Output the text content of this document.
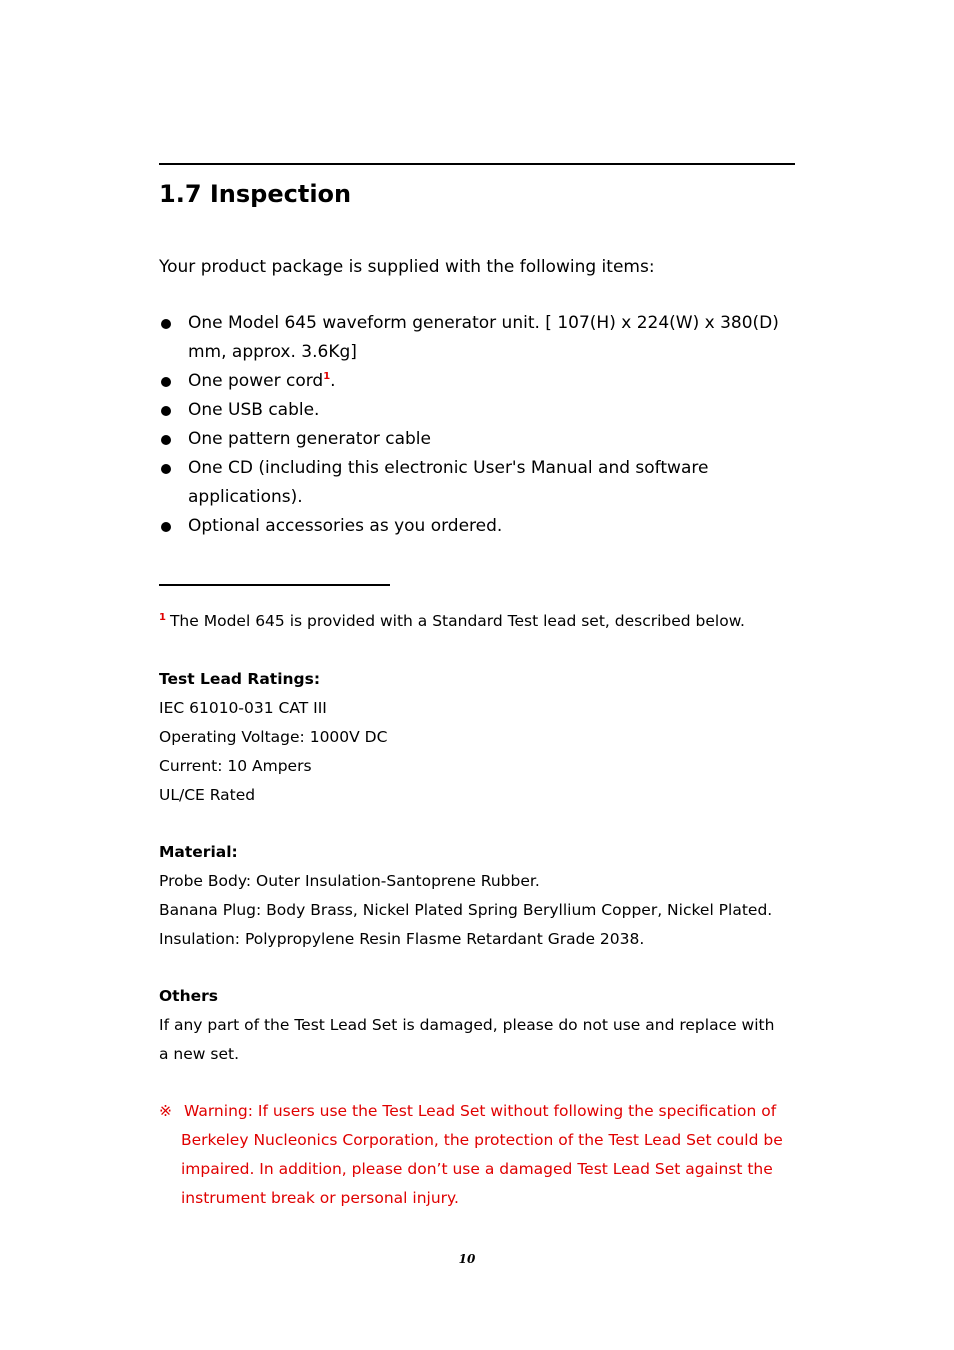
1.7 Inspection

Your product package is supplied with the following items:

One Model 645 waveform generator unit. [ 107(H) x 224(W) x 380(D)
mm, approx. 3.6Kg]
One power cord$^1$.
One USB cable.
One pattern generator cable
One CD (including this electronic User's Manual and software
applications).
Optional accessories as you ordered.
$^1$ The Model 645 is provided with a Standard Test lead set, described below.
Test Lead Ratings:
IEC 61010-031 CAT III
Operating Voltage: 1000V DC
Current: 10 Ampers
UL/CE Rated
Material:
Probe Body: Outer Insulation-Santoprene Rubber.
Banana Plug: Body Brass, Nickel Plated Spring Beryllium Copper, Nickel Plated.
Insulation: Polypropylene Resin Flasme Retardant Grade 2038.
Others
If any part of the Test Lead Set is damaged, please do not use and replace with
a new set.
※ Warning: If users use the Test Lead Set without following the specification of
Berkeley Nucleonics Corporation, the protection of the Test Lead Set could be
impaired. In addition, please don’t use a damaged Test Lead Set against the
instrument break or personal injury.
10
